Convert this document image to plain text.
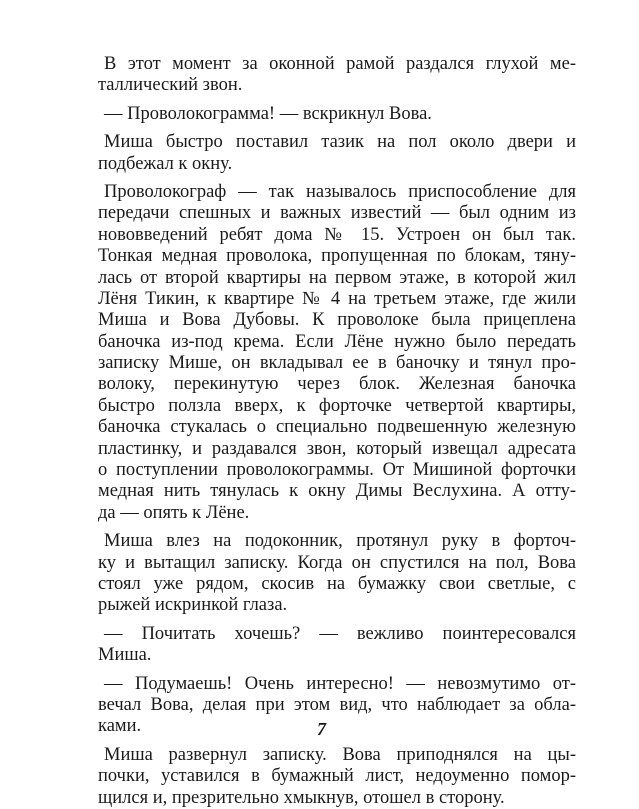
В этот момент за оконной рамой раздался глухой ме-
таллический звон.
— Проволокограмма! — вскрикнул Вова.
Миша быстро поставил тазик на пол около двери и
подбежал к окну.
Проволокограф — так называлось приспособление для
передачи спешных и важных известий — был одним из
нововведений ребят дома № 15. Устроен он был так.
Тонкая медная проволока, пропущенная по блокам, тяну-
лась от второй квартиры на первом этаже, в которой жил
Лёня Тикин, к квартире № 4 на третьем этаже, где жили
Миша и Вова Дубовы. К проволоке была прицеплена
баночка из-под крема. Если Лёне нужно было передать
записку Мише, он вкладывал ее в баночку и тянул про-
волоку, перекинутую через блок. Железная баночка
быстро ползла вверх, к форточке четвертой квартиры,
баночка стукалась о специально подвешенную железную
пластинку, и раздавался звон, который извещал адресата
о поступлении проволокограммы. От Мишиной форточки
медная нить тянулась к окну Димы Веслухина. А отту-
да — опять к Лёне.
Миша влез на подоконник, протянул руку в форточ-
ку и вытащил записку. Когда он спустился на пол, Вова
стоял уже рядом, скосив на бумажку свои светлые, с
рыжей искринкой глаза.
— Почитать хочешь? — вежливо поинтересовался
Миша.
— Подумаешь! Очень интересно! — невозмутимо от-
вечал Вова, делая при этом вид, что наблюдает за обла-
ками.
Миша развернул записку. Вова приподнялся на цы-
почки, уставился в бумажный лист, недоуменно помор-
щился и, презрительно хмыкнув, отошел в сторону.
7
